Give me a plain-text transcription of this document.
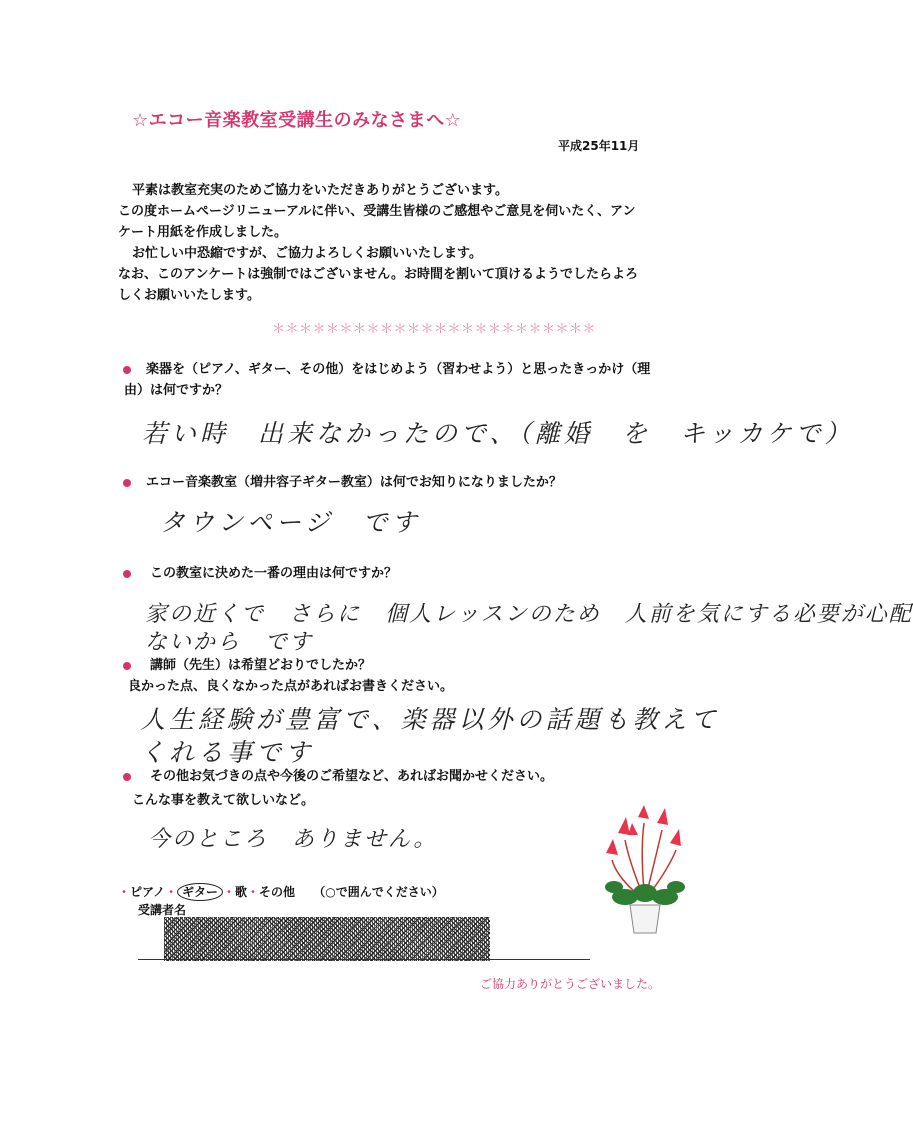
☆エコー音楽教室受講生のみなさまへ☆
平成25年11月

平素は教室充実のためご協力をいただきありがとうございます。

この度ホームページリニューアルに伴い、受講生皆様のご感想やご意見を伺いたく、アン

ケート用紙を作成しました。

お忙しい中恐縮ですが、ご協力よろしくお願いいたします。

なお、このアンケートは強制ではございません。お時間を割いて頂けるようでしたらよろ

しくお願いいたします。

＊＊＊＊＊＊＊＊＊＊＊＊＊＊＊＊＊＊＊＊＊＊＊＊
楽器を（ピアノ、ギター、その他）をはじめよう（習わせよう）と思ったきっかけ（理
由）は何ですか？
若い時　出来なかったので、（離婚　を　キッカケで）
エコー音楽教室（増井容子ギター教室）は何でお知りになりましたか？
タウンページ　です
この教室に決めた一番の理由は何ですか？
家の近くで　さらに　個人レッスンのため　人前を気にする必要が心配
ないから　です
講師（先生）は希望どおりでしたか？
良かった点、良くなかった点があればお書きください。
人生経験が豊富で、楽器以外の話題も教えて
くれる事です
その他お気づきの点や今後のご希望など、あればお聞かせください。
こんな事を教えて欲しいなど。
今のところ　ありません。
・ピアノ・ ギター ・歌・その他 （○で囲んでください）
受講者名
ご協力ありがとうございました。
